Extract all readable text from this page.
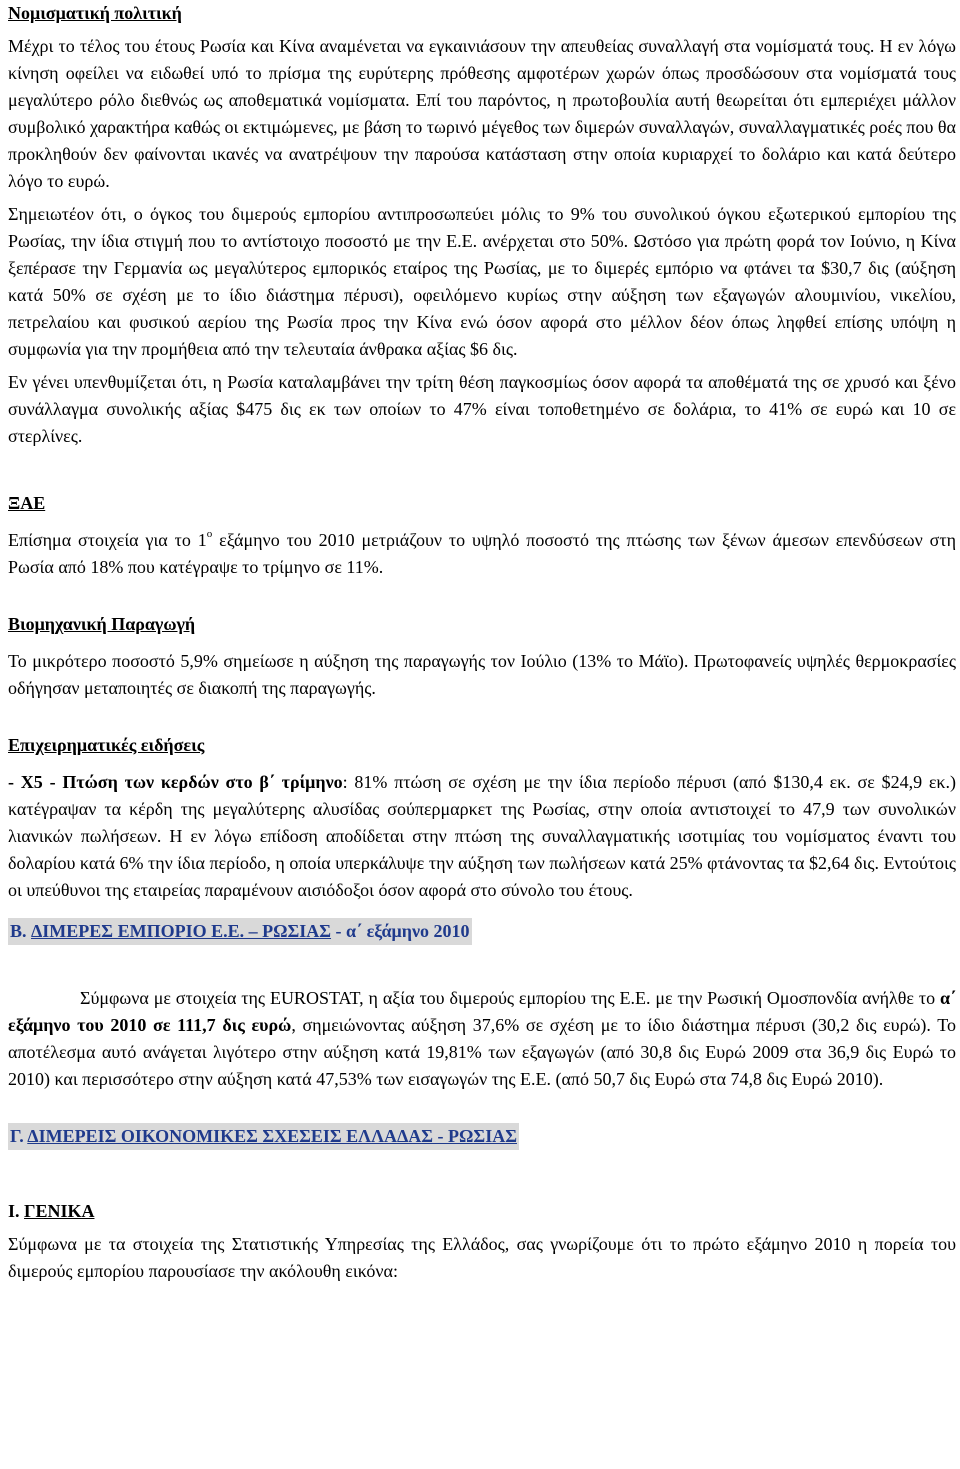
Νομισματική πολιτική

Μέχρι το τέλος του έτους Ρωσία και Κίνα αναμένεται να εγκαινιάσουν την απευθείας συναλλαγή στα νομίσματά τους. Η εν λόγω κίνηση οφείλει να ειδωθεί υπό το πρίσμα της ευρύτερης πρόθεσης αμφοτέρων χωρών όπως προσδώσουν στα νομίσματά τους μεγαλύτερο ρόλο διεθνώς ως αποθεματικά νομίσματα. Επί του παρόντος, η πρωτοβουλία αυτή θεωρείται ότι εμπεριέχει μάλλον συμβολικό χαρακτήρα καθώς οι εκτιμώμενες, με βάση το τωρινό μέγεθος των διμερών συναλλαγών, συναλλαγματικές ροές που θα προκληθούν δεν φαίνονται ικανές να ανατρέψουν την παρούσα κατάσταση στην οποία κυριαρχεί το δολάριο και κατά δεύτερο λόγο το ευρώ.

Σημειωτέον ότι, ο όγκος του διμερούς εμπορίου αντιπροσωπεύει μόλις το 9% του συνολικού όγκου εξωτερικού εμπορίου της Ρωσίας, την ίδια στιγμή που το αντίστοιχο ποσοστό με την Ε.Ε. ανέρχεται στο 50%. Ωστόσο για πρώτη φορά τον Ιούνιο, η Κίνα ξεπέρασε την Γερμανία ως μεγαλύτερος εμπορικός εταίρος της Ρωσίας, με το διμερές εμπόριο να φτάνει τα $30,7 δις (αύξηση κατά 50% σε σχέση με το ίδιο διάστημα πέρυσι), οφειλόμενο κυρίως στην αύξηση των εξαγωγών αλουμινίου, νικελίου, πετρελαίου και φυσικού αερίου της Ρωσία προς την Κίνα ενώ όσον αφορά στο μέλλον δέον όπως ληφθεί επίσης υπόψη η συμφωνία για την προμήθεια από την τελευταία άνθρακα αξίας $6 δις.

Εν γένει υπενθυμίζεται ότι, η Ρωσία καταλαμβάνει την τρίτη θέση παγκοσμίως όσον αφορά τα αποθέματά της σε χρυσό και ξένο συνάλλαγμα συνολικής αξίας $475 δις εκ των οποίων το 47% είναι τοποθετημένο σε δολάρια, το 41% σε ευρώ και 10 σε στερλίνες.

ΞΑΕ

Επίσημα στοιχεία για το $1^o$ εξάμηνο του 2010 μετριάζουν το υψηλό ποσοστό της πτώσης των ξένων άμεσων επενδύσεων στη Ρωσία από 18% που κατέγραψε το τρίμηνο σε 11%.

Βιομηχανική Παραγωγή

Το μικρότερο ποσοστό 5,9% σημείωσε η αύξηση της παραγωγής τον Ιούλιο (13% το Μάϊο). Πρωτοφανείς υψηλές θερμοκρασίες οδήγησαν μεταποιητές σε διακοπή της παραγωγής.

Επιχειρηματικές ειδήσεις

- X5 - Πτώση των κερδών στο β΄ τρίμηνο: 81% πτώση σε σχέση με την ίδια περίοδο πέρυσι (από $130,4 εκ. σε $24,9 εκ.) κατέγραψαν τα κέρδη της μεγαλύτερης αλυσίδας σούπερμαρκετ της Ρωσίας, στην οποία αντιστοιχεί το 47,9 των συνολικών λιανικών πωλήσεων. Η εν λόγω επίδοση αποδίδεται στην πτώση της συναλλαγματικής ισοτιμίας του νομίσματος έναντι του δολαρίου κατά 6% την ίδια περίοδο, η οποία υπερκάλυψε την αύξηση των πωλήσεων κατά 25% φτάνοντας τα $2,64 δις. Εντούτοις οι υπεύθυνοι της εταιρείας παραμένουν αισιόδοξοι όσον αφορά στο σύνολο του έτους.

B. ΔΙΜΕΡΕΣ ΕΜΠΟΡΙΟ Ε.Ε. – ΡΩΣΙΑΣ - α΄ εξάμηνο 2010

Σύμφωνα με στοιχεία της EUROSTAT, η αξία του διμερούς εμπορίου της Ε.Ε. με την Ρωσική Ομοσπονδία ανήλθε το α΄ εξάμηνο του 2010 σε 111,7 δις ευρώ, σημειώνοντας αύξηση 37,6% σε σχέση με το ίδιο διάστημα πέρυσι (30,2 δις ευρώ). Το αποτέλεσμα αυτό ανάγεται λιγότερο στην αύξηση κατά 19,81% των εξαγωγών (από 30,8 δις Ευρώ 2009 στα 36,9 δις Ευρώ το 2010) και περισσότερο στην αύξηση κατά 47,53% των εισαγωγών της Ε.Ε. (από 50,7 δις Ευρώ στα 74,8 δις Ευρώ 2010).

Γ. ΔΙΜΕΡΕΙΣ ΟΙΚΟΝΟΜΙΚΕΣ ΣΧΕΣΕΙΣ ΕΛΛΑΔΑΣ - ΡΩΣΙΑΣ

I. ΓΕΝΙΚΑ

Σύμφωνα με τα στοιχεία της Στατιστικής Υπηρεσίας της Ελλάδος, σας γνωρίζουμε ότι το πρώτο εξάμηνο 2010 η πορεία του διμερούς εμπορίου παρουσίασε την ακόλουθη εικόνα:
